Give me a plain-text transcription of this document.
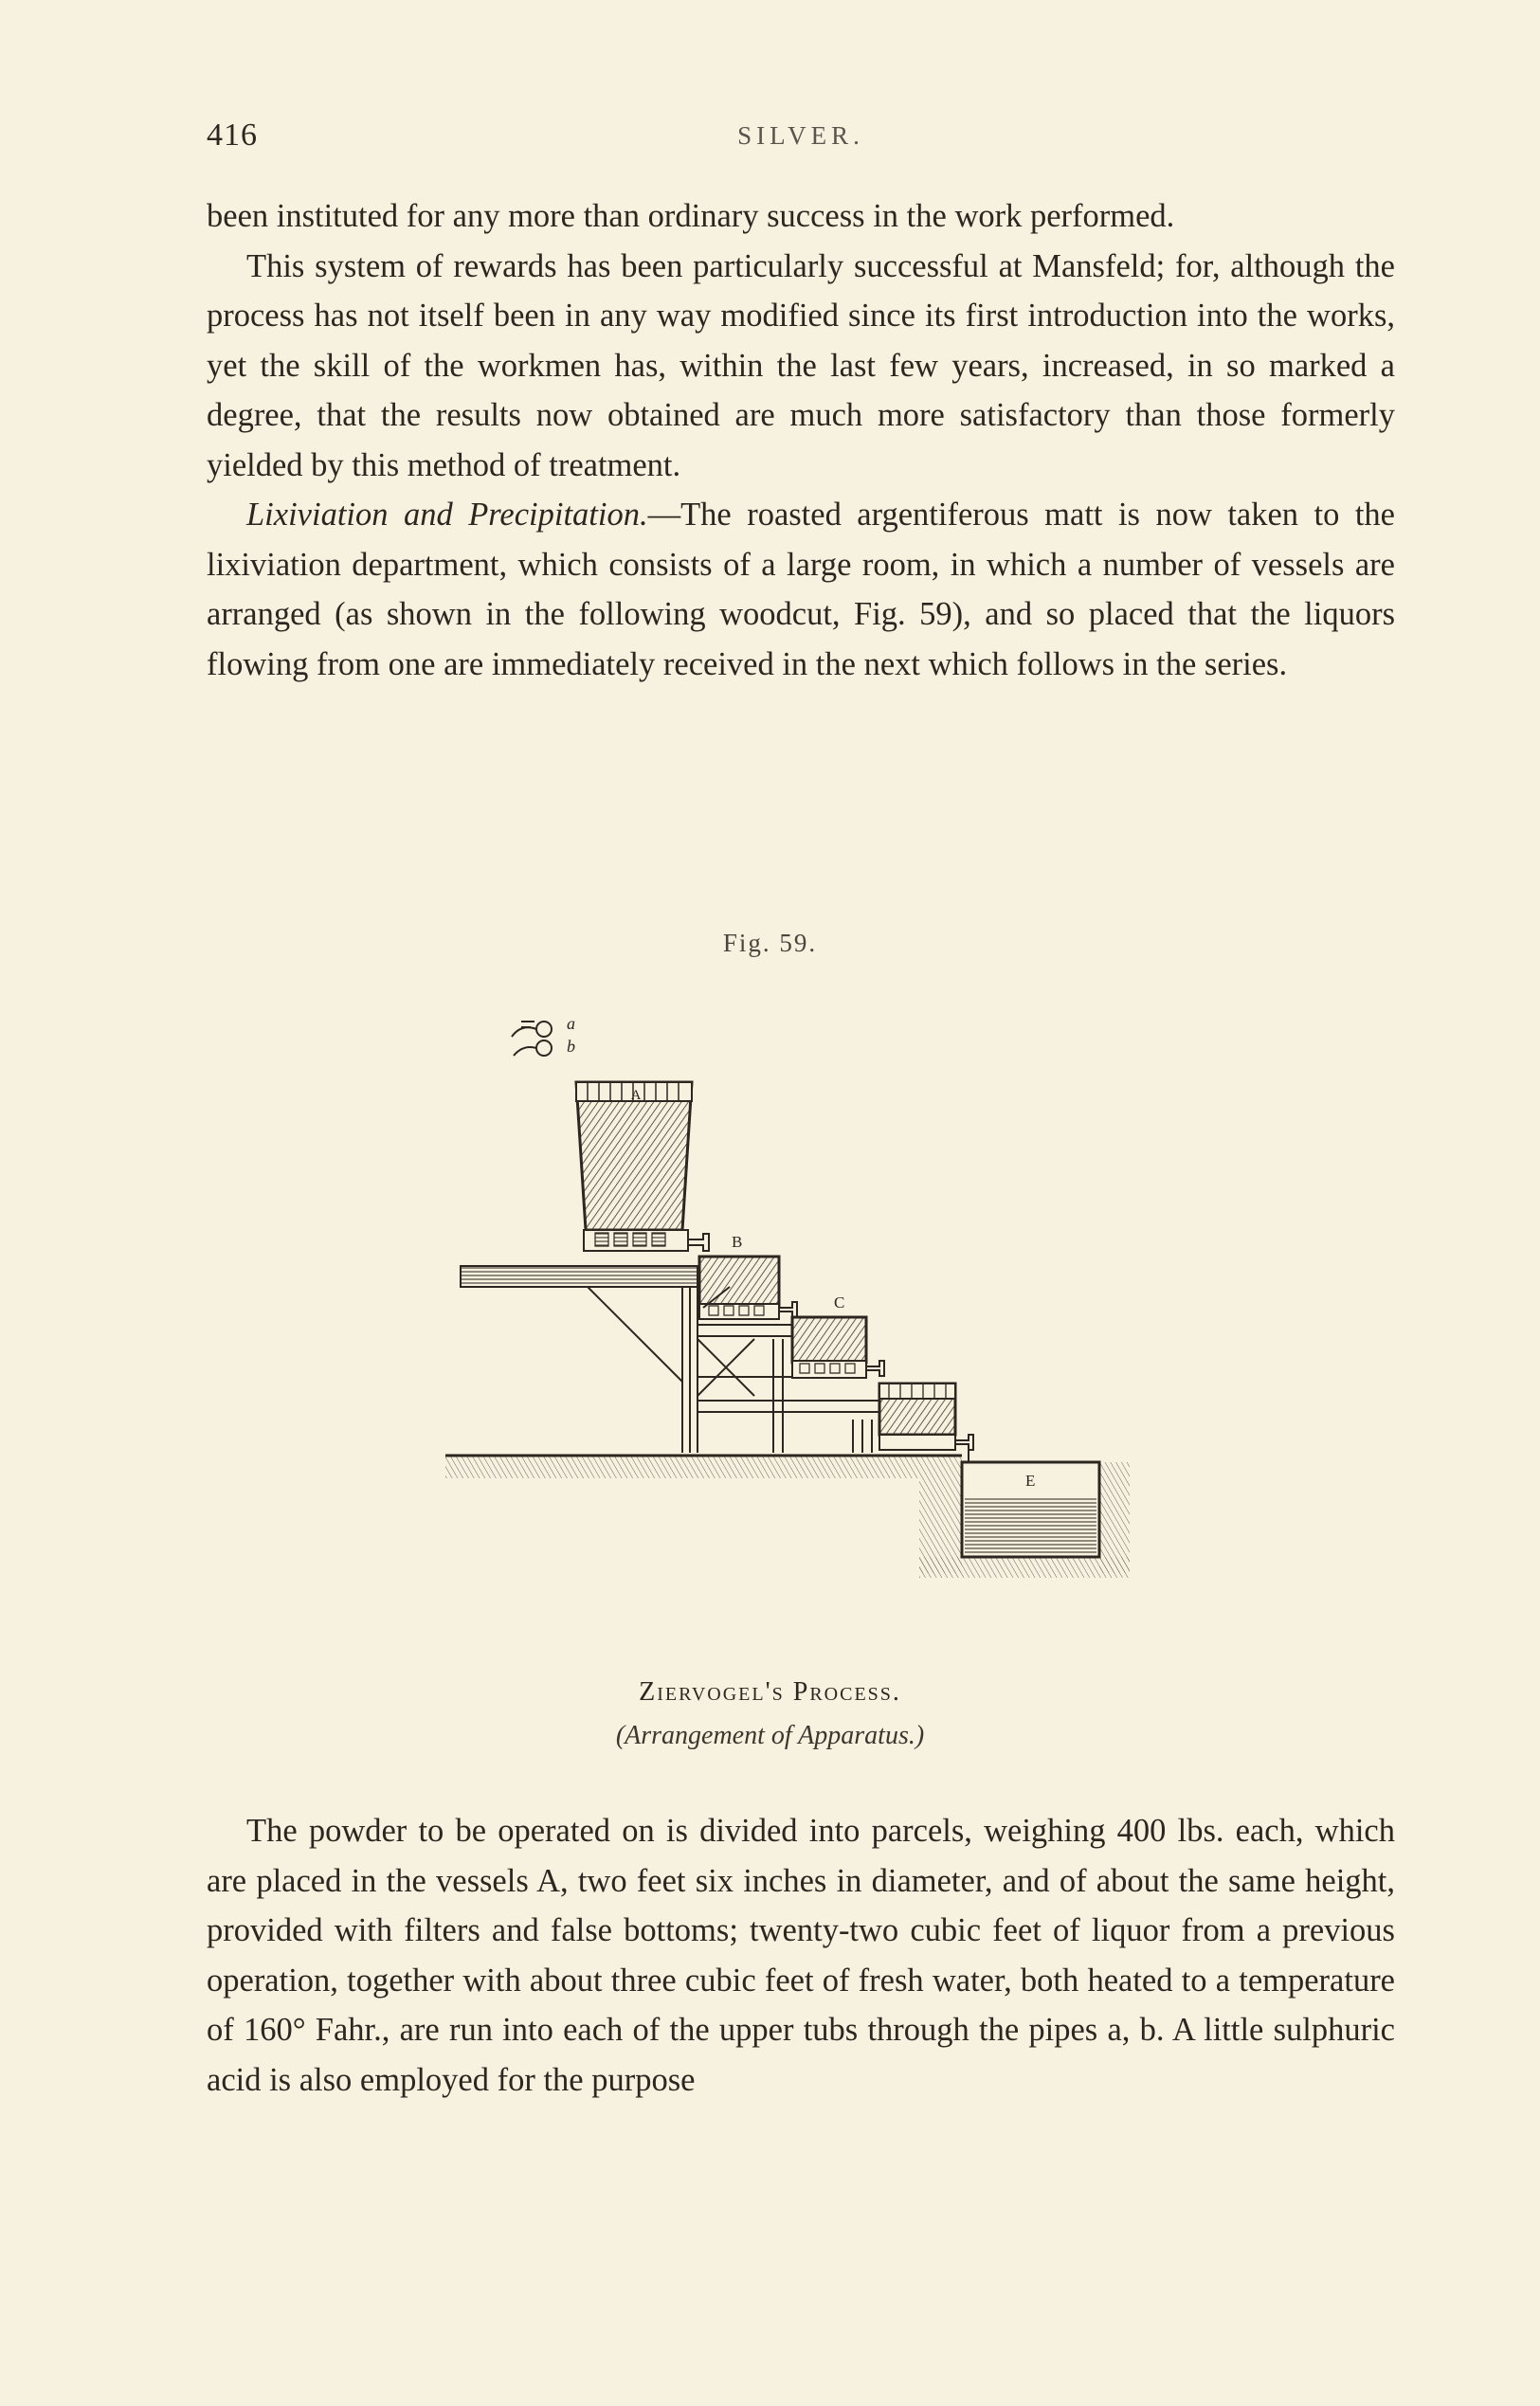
416	SILVER.

been instituted for any more than ordinary success in the work performed.

This system of rewards has been particularly successful at Mansfeld; for, although the process has not itself been in any way modified since its first introduction into the works, yet the skill of the workmen has, within the last few years, increased, in so marked a degree, that the results now obtained are much more satisfactory than those formerly yielded by this method of treatment.

Lixiviation and Precipitation.—The roasted argentiferous matt is now taken to the lixiviation department, which consists of a large room, in which a number of vessels are arranged (as shown in the following woodcut, Fig. 59), and so placed that the liquors flowing from one are immediately received in the next which follows in the series.

Fig. 59.
a
b
A
B
C
E
Ziervogel's Process.
(Arrangement of Apparatus.)

The powder to be operated on is divided into parcels, weighing 400 lbs. each, which are placed in the vessels A, two feet six inches in diameter, and of about the same height, provided with filters and false bottoms; twenty-two cubic feet of liquor from a previous operation, together with about three cubic feet of fresh water, both heated to a temperature of 160° Fahr., are run into each of the upper tubs through the pipes a, b. A little sulphuric acid is also employed for the purpose
